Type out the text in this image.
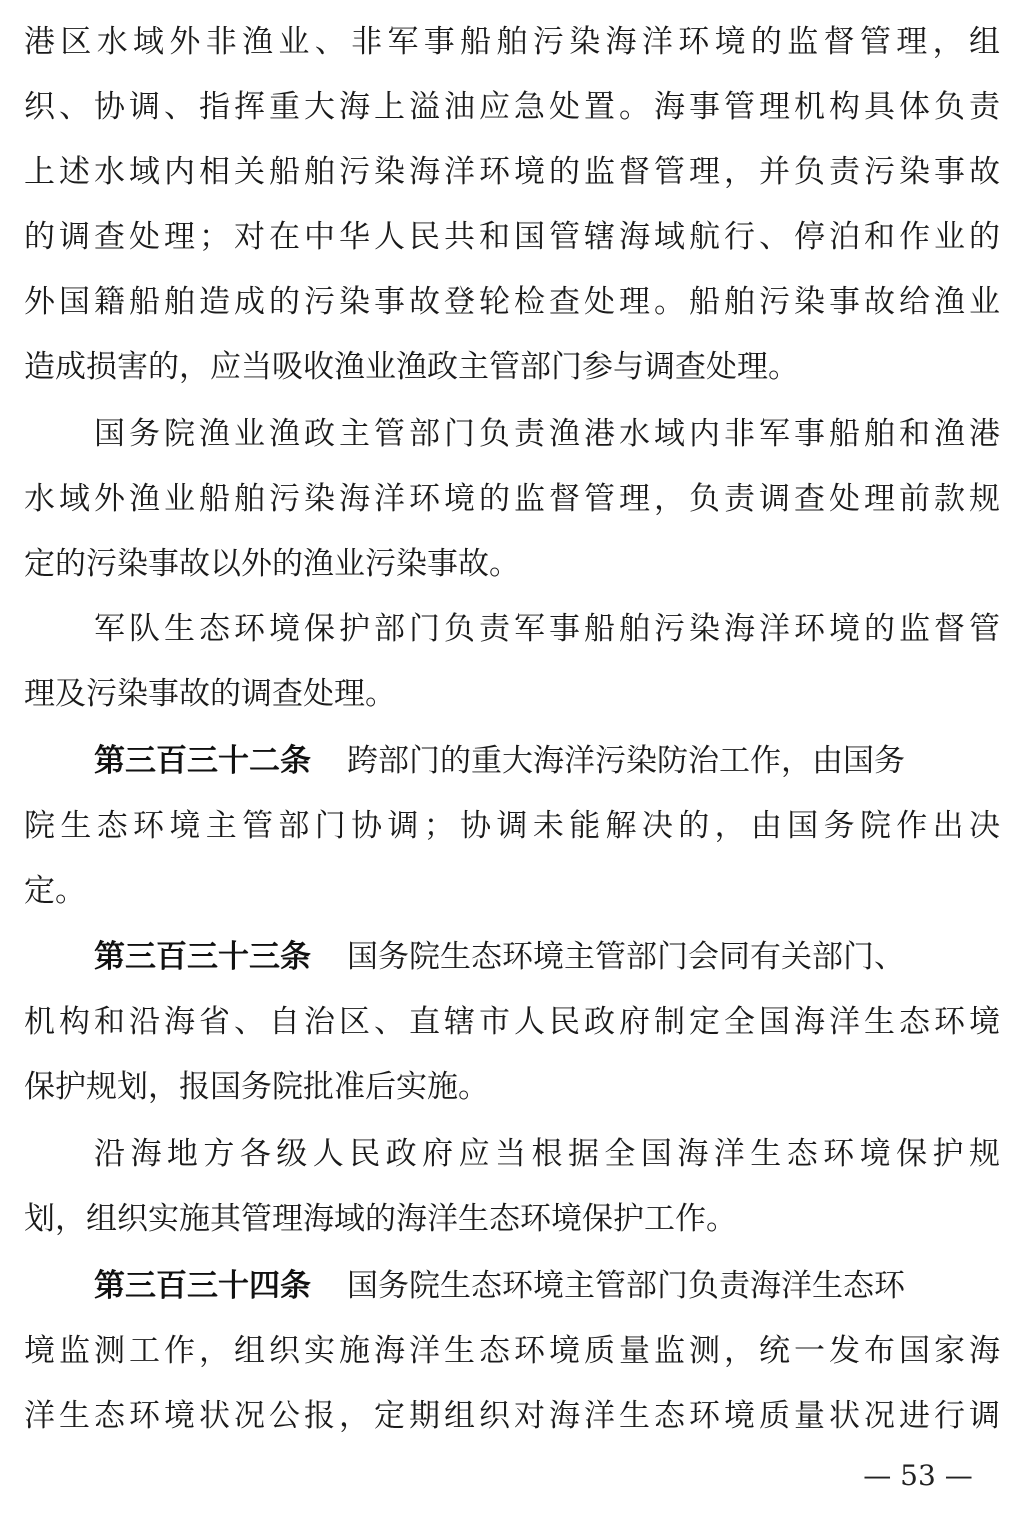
港区水域外非渔业、非军事船舶污染海洋环境的监督管理，组
织、协调、指挥重大海上溢油应急处置。海事管理机构具体负责
上述水域内相关船舶污染海洋环境的监督管理，并负责污染事故
的调查处理；对在中华人民共和国管辖海域航行、停泊和作业的
外国籍船舶造成的污染事故登轮检查处理。船舶污染事故给渔业
造成损害的，应当吸收渔业渔政主管部门参与调查处理。
国务院渔业渔政主管部门负责渔港水域内非军事船舶和渔港
水域外渔业船舶污染海洋环境的监督管理，负责调查处理前款规
定的污染事故以外的渔业污染事故。
军队生态环境保护部门负责军事船舶污染海洋环境的监督管
理及污染事故的调查处理。
第三百三十二条 跨部门的重大海洋污染防治工作，由国务
院生态环境主管部门协调；协调未能解决的，由国务院作出决
定。
第三百三十三条 国务院生态环境主管部门会同有关部门、
机构和沿海省、自治区、直辖市人民政府制定全国海洋生态环境
保护规划，报国务院批准后实施。
沿海地方各级人民政府应当根据全国海洋生态环境保护规
划，组织实施其管理海域的海洋生态环境保护工作。
第三百三十四条 国务院生态环境主管部门负责海洋生态环
境监测工作，组织实施海洋生态环境质量监测，统一发布国家海
洋生态环境状况公报，定期组织对海洋生态环境质量状况进行调
— 53 —
